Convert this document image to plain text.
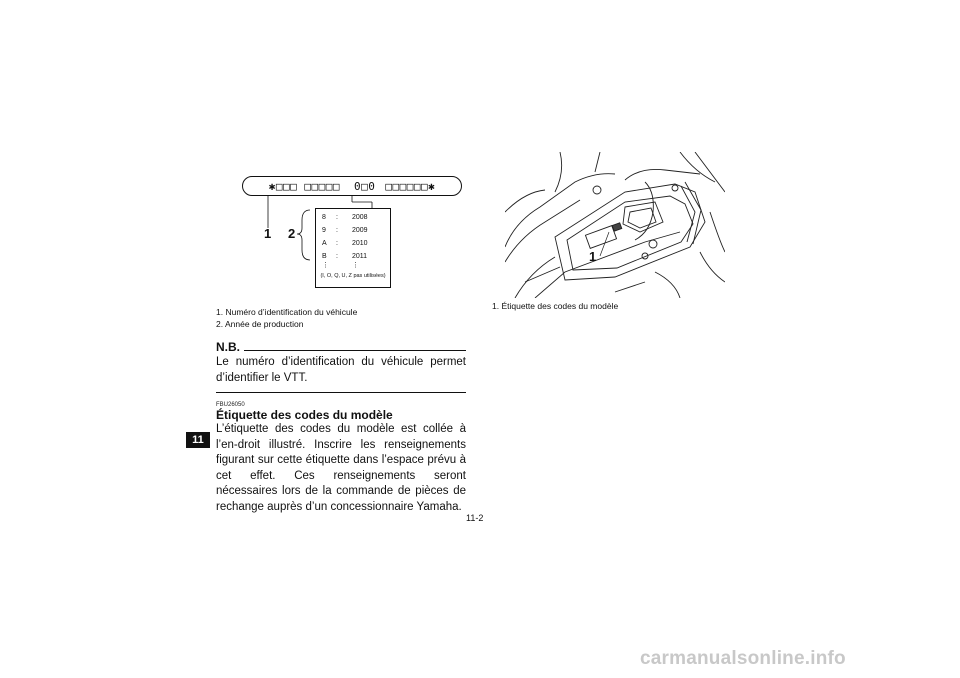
✱□□□ □□□□□ 0□0 □□□□□□✱
1 2
8	:	2008
9	:	2009
A	:	2010
B	:	2011
⋮	⋮
(I, O, Q, U, Z pas utilisées)
1. Numéro d’identification du véhicule
2. Année de production
N.B.
Le numéro d’identification du véhicule permet d’identifier le VTT.
FBU26050
Étiquette des codes du modèle
L’étiquette des codes du modèle est collée à l’en-droit illustré. Inscrire les renseignements figurant sur cette étiquette dans l’espace prévu à cet effet. Ces renseignements seront nécessaires lors de la commande de pièces de rechange auprès d’un concessionnaire Yamaha.
11
1
1. Étiquette des codes du modèle
11-2
carmanualsonline.info
